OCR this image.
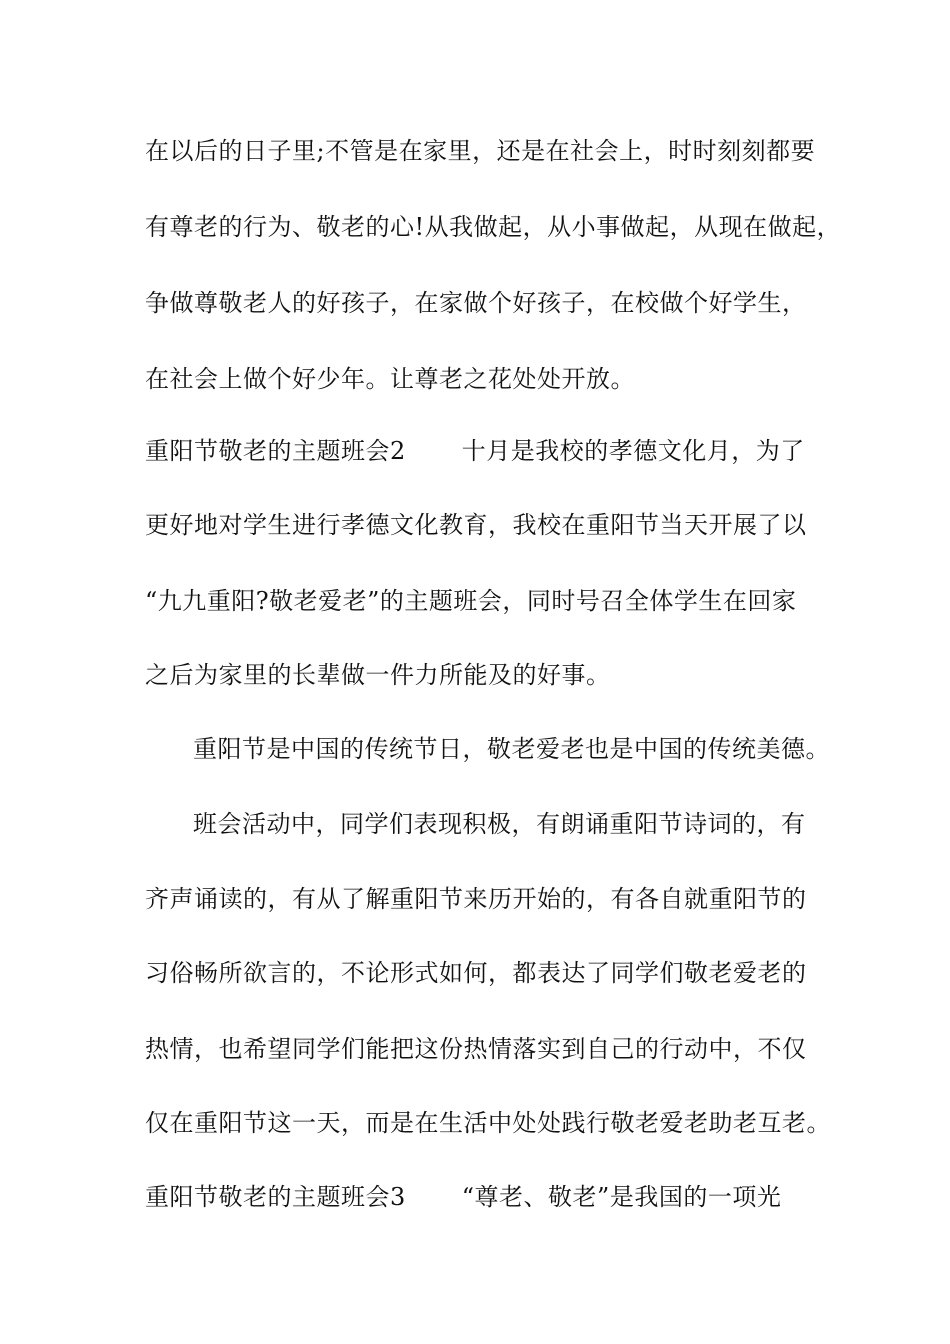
在以后的日子里;不管是在家里，还是在社会上，时时刻刻都要
有尊老的行为、敬老的心!从我做起，从小事做起，从现在做起，
争做尊敬老人的好孩子，在家做个好孩子，在校做个好学生，
在社会上做个好少年。让尊老之花处处开放。
重阳节敬老的主题班会2 十月是我校的孝德文化月，为了
更好地对学生进行孝德文化教育，我校在重阳节当天开展了以
“九九重阳?敬老爱老”的主题班会，同时号召全体学生在回家
之后为家里的长辈做一件力所能及的好事。
重阳节是中国的传统节日，敬老爱老也是中国的传统美德。
班会活动中，同学们表现积极，有朗诵重阳节诗词的，有
齐声诵读的，有从了解重阳节来历开始的，有各自就重阳节的
习俗畅所欲言的，不论形式如何，都表达了同学们敬老爱老的
热情，也希望同学们能把这份热情落实到自己的行动中，不仅
仅在重阳节这一天，而是在生活中处处践行敬老爱老助老互老。
重阳节敬老的主题班会3 “尊老、敬老”是我国的一项光
